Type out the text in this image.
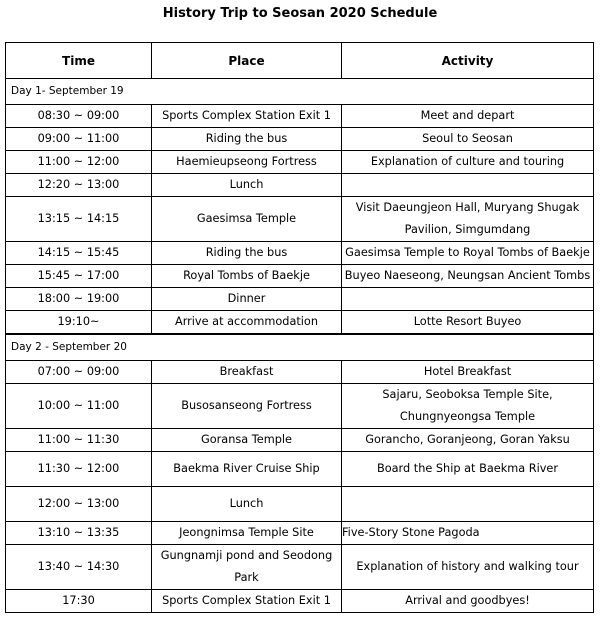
History Trip to Seosan 2020 Schedule
Time	Place	Activity
Day 1- September 19		
08:30 ~ 09:00	Sports Complex Station Exit 1	Meet and depart
09:00 ~ 11:00	Riding the bus	Seoul to Seosan
11:00 ~ 12:00	Haemieupseong Fortress	Explanation of culture and touring
12:20 ~ 13:00	Lunch	
13:15 ~ 14:15	Gaesimsa Temple	Visit Daeungjeon Hall, Muryang Shugak Pavilion, Simgumdang
14:15 ~ 15:45	Riding the bus	Gaesimsa Temple to Royal Tombs of Baekje
15:45 ~ 17:00	Royal Tombs of Baekje	Buyeo Naeseong, Neungsan Ancient Tombs
18:00 ~ 19:00	Dinner	
19:10~	Arrive at accommodation	Lotte Resort Buyeo
Day 2 - September 20		
07:00 ~ 09:00	Breakfast	Hotel Breakfast
10:00 ~ 11:00	Busosanseong Fortress	Sajaru, Seoboksa Temple Site, Chungnyeongsa Temple
11:00 ~ 11:30	Goransa Temple	Gorancho, Goranjeong, Goran Yaksu
11:30 ~ 12:00	Baekma River Cruise Ship	Board the Ship at Baekma River
12:00 ~ 13:00	Lunch	
13:10 ~ 13:35	Jeongnimsa Temple Site	Five-Story Stone Pagoda
13:40 ~ 14:30	Gungnamji pond and Seodong Park	Explanation of history and walking tour
17:30	Sports Complex Station Exit 1	Arrival and goodbyes!
